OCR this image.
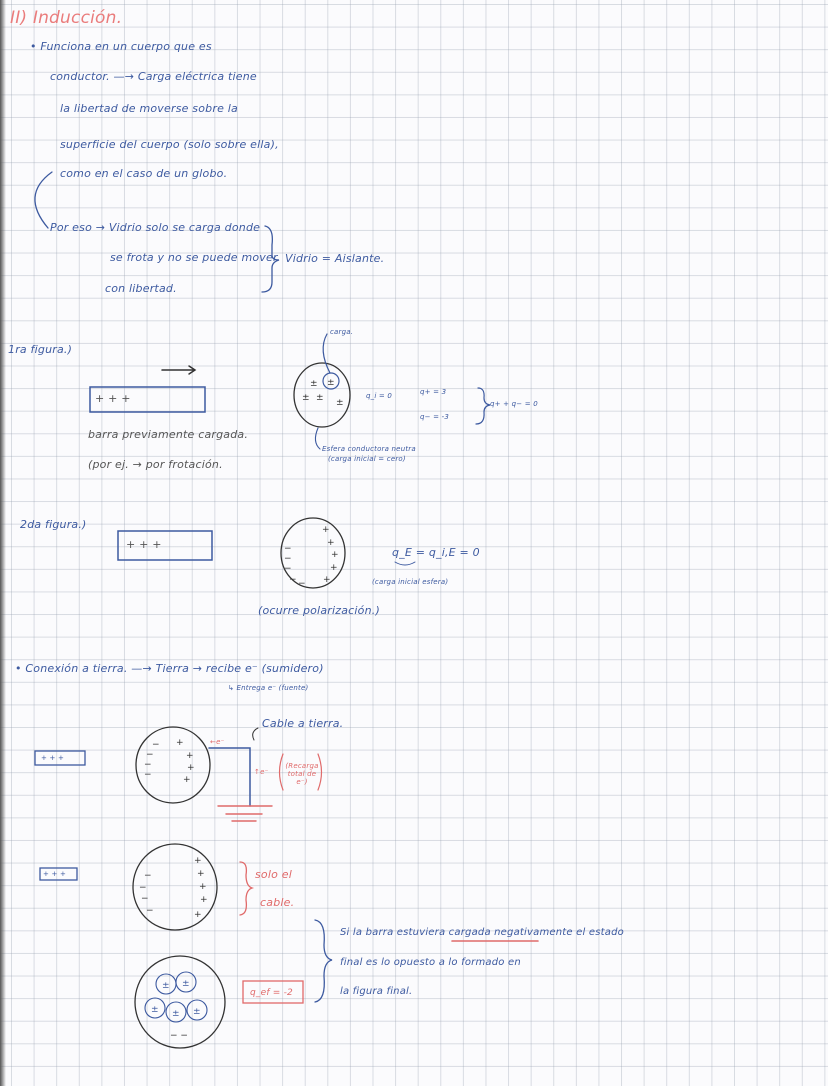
II) Inducción.
• Funciona en un cuerpo que es
conductor. —→ Carga eléctrica tiene
la libertad de moverse sobre la
superficie del cuerpo (solo sobre ella),
como en el caso de un globo.
Por eso → Vidrio solo se carga donde
se frota y no se puede mover
con libertad.
Vidrio = Aislante.
1ra figura.)
+ + +
barra previamente cargada.
(por ej. → por frotación.
carga.
q_i = 0	q+ = 3
q− = -3
q+ + q− = 0
Esfera conductora neutra
(carga inicial = cero)
2da figura.)
+ + +
q_E = q_i,E = 0
(carga inicial esfera)
(ocurre polarización.)
• Conexión a tierra. —→ Tierra → recibe e⁻ (sumidero)
↳ Entrega e⁻ (fuente)
Cable a tierra.
+ + +
←e⁻
↑e⁻
(Recarga total de e⁻)
+ + +	solo el
cable.
Si la barra estuviera cargada negativamente el estado
final es lo opuesto a lo formado en
la figura final.
q_ef = -2
± ±
± ± ±
−
−
−
− −
+
+
+
+
+
−
−
−
−
+
+
+
+
−
−
−
−
+
+
+
+
+
± ±
± ± ±
− −
